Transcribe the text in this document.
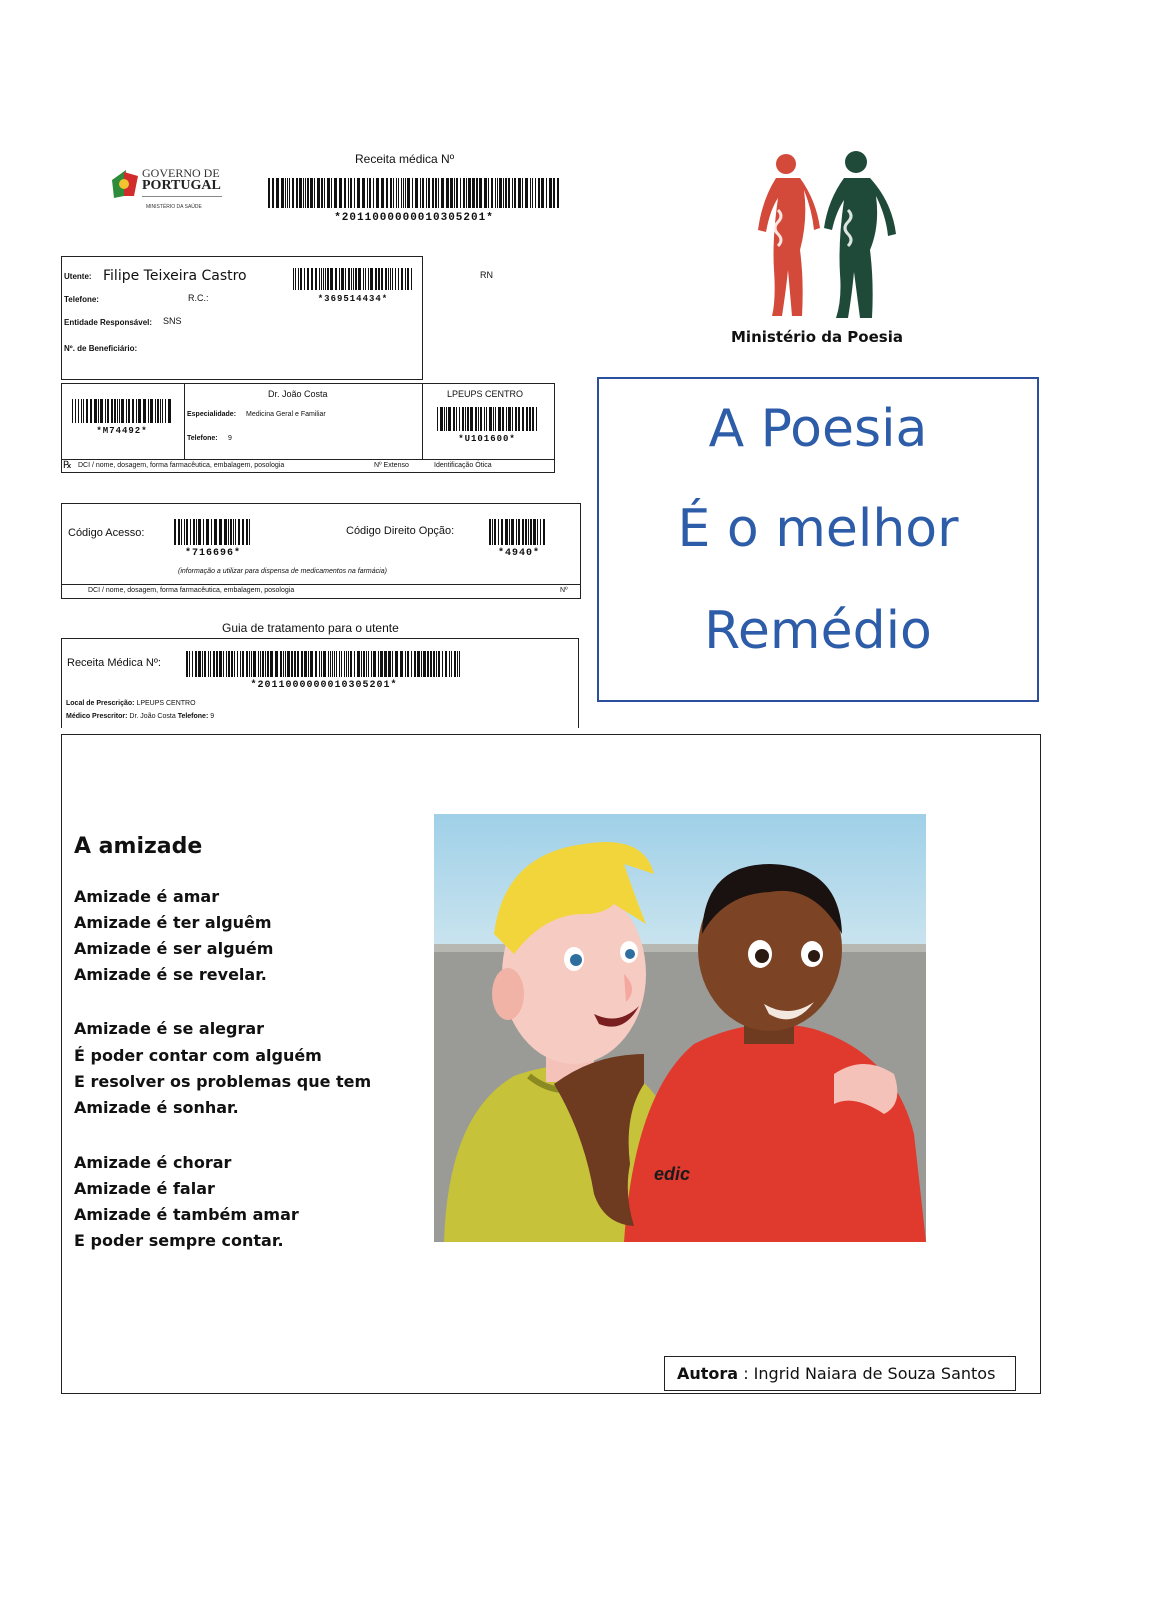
GOVERNO DE
PORTUGAL
MINISTÉRIO DA SAÚDE
Receita médica Nº
*2011000000010305201*
Utente: Filipe Teixeira Castro
Telefone:	R.C.:	*369514434*
Entidade Responsável: SNS
Nº. de Beneficiário:
RN
*M74492*
Dr. João Costa
Especialidade: Medicina Geral e Familiar
Telefone: 9
LPEUPS CENTRO
*U101600*
℞ DCI / nome, dosagem, forma farmacêutica, embalagem, posologia	Nº Extenso	Identificação Ótica
Código Acesso:
*716696*
Código Direito Opção:
*4940*
(informação a utilizar para dispensa de medicamentos na farmácia)
DCI / nome, dosagem, forma farmacêutica, embalagem, posologia	Nº
Guia de tratamento para o utente
Receita Médica Nº:
*2011000000010305201*
Local de Prescrição: LPEUPS CENTRO
Médico Prescritor: Dr. João Costa Telefone: 9
Ministério da Poesia
A Poesia
É o melhor
Remédio
A amizade
Amizade é amar
Amizade é ter alguêm
Amizade é ser alguém
Amizade é se revelar.
Amizade é se alegrar
É poder contar com alguém
E resolver os problemas que tem
Amizade é sonhar.
Amizade é chorar
Amizade é falar
Amizade é também amar
E poder sempre contar.
edic
Autora : Ingrid Naiara de Souza Santos
